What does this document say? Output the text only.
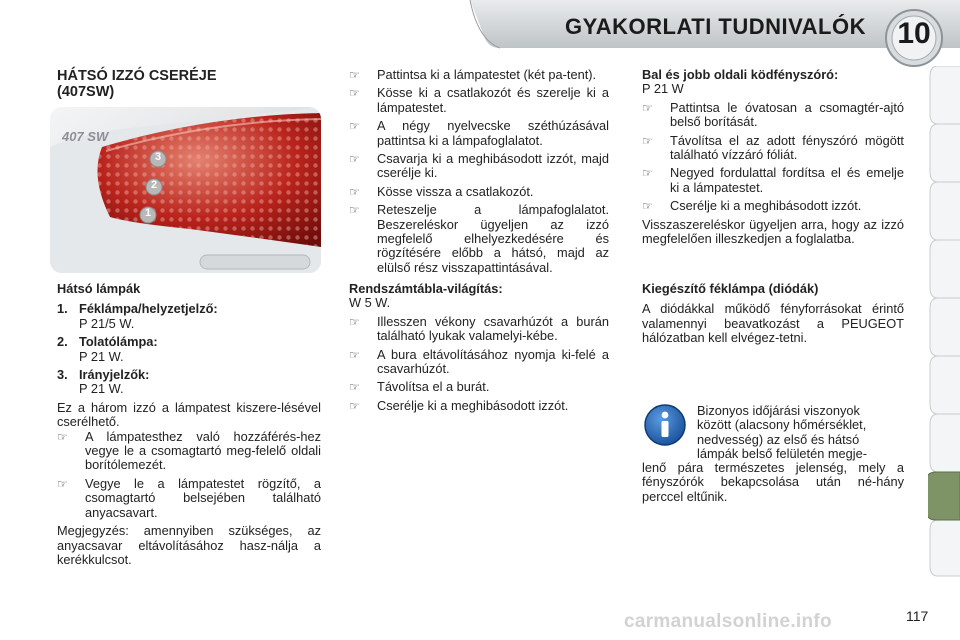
GYAKORLATI TUDNIVALÓK	10

HÁTSÓ IZZÓ CSERÉJE

(407SW)

407 SW
3
2
1

Hátsó lámpák

1. Féklámpa/helyzetjelző:

P 21/5 W.

2. Tolatólámpa:

P 21 W.

3. Irányjelzők:

P 21 W.

Ez a három izzó a lámpatest kiszere-lésével cserélhető.

☞	A lámpatesthez való hozzáférés-hez vegye le a csomagtartó meg-felelő oldali borítólemezét.

☞	Vegye le a lámpatestet rögzítő, a csomagtartó belsejében található anyacsavart.

Megjegyzés: amennyiben szükséges, az anyacsavar eltávolításához hasz-nálja a kerékkulcsot.

☞	Pattintsa ki a lámpatestet (két pa-tent).

☞	Kösse ki a csatlakozót és szerelje ki a lámpatestet.

☞	A négy nyelvecske széthúzásával pattintsa ki a lámpafoglalatot.

☞	Csavarja ki a meghibásodott izzót, majd cserélje ki.

☞	Kösse vissza a csatlakozót.

☞	Reteszelje a lámpafoglalatot. Beszereléskor ügyeljen az izzó megfelelő elhelyezkedésére és rögzítésére előbb a hátsó, majd az elülső rész visszapattintásával.

Rendszámtábla-világítás:

W 5 W.

☞	Illesszen vékony csavarhúzót a burán található lyukak valamelyi-kébe.

☞	A bura eltávolításához nyomja ki-felé a csavarhúzót.

☞	Távolítsa el a burát.

☞	Cserélje ki a meghibásodott izzót.

Bal és jobb oldali ködfényszóró:

P 21 W

☞	Pattintsa le óvatosan a csomagtér-ajtó belső borítását.

☞	Távolítsa el az adott fényszóró mögött található vízzáró fóliát.

☞	Negyed fordulattal fordítsa el és emelje ki a lámpatestet.

☞	Cserélje ki a meghibásodott izzót.

Visszaszereléskor ügyeljen arra, hogy az izzó megfelelően illeszkedjen a foglalatba.

Kiegészítő féklámpa (diódák)

A diódákkal működő fényforrásokat érintő valamennyi beavatkozást a PEUGEOT hálózatban kell elvégez-tetni.

Bizonyos időjárási viszonyok

között (alacsony hőmérséklet,

nedvesség) az első és hátsó

lámpák belső felületén megje-

lenő pára természetes jelenség, mely a fényszórók bekapcsolása után né-hány perccel eltűnik.

carmanualsonline.info	117
